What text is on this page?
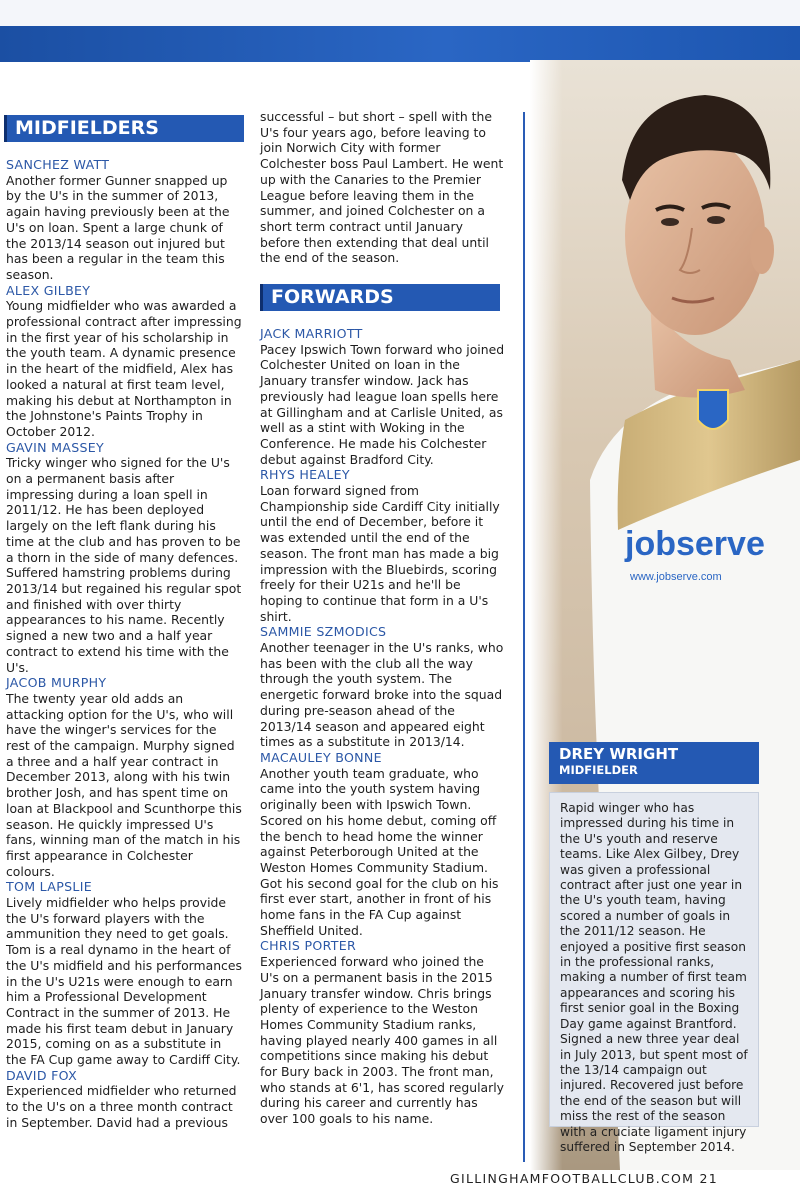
MIDFIELDERS

SANCHEZ WATT

Another former Gunner snapped up by the U's in the summer of 2013, again having previously been at the U's on loan. Spent a large chunk of the 2013/14 season out injured but has been a regular in the team this season.

ALEX GILBEY

Young midfielder who was awarded a professional contract after impressing in the first year of his scholarship in the youth team. A dynamic presence in the heart of the midfield, Alex has looked a natural at first team level, making his debut at Northampton in the Johnstone's Paints Trophy in October 2012.

GAVIN MASSEY

Tricky winger who signed for the U's on a permanent basis after impressing during a loan spell in 2011/12. He has been deployed largely on the left flank during his time at the club and has proven to be a thorn in the side of many defences. Suffered hamstring problems during 2013/14 but regained his regular spot and finished with over thirty appearances to his name. Recently signed a new two and a half year contract to extend his time with the U's.

JACOB MURPHY

The twenty year old adds an attacking option for the U's, who will have the winger's services for the rest of the campaign. Murphy signed a three and a half year contract in December 2013, along with his twin brother Josh, and has spent time on loan at Blackpool and Scunthorpe this season. He quickly impressed U's fans, winning man of the match in his first appearance in Colchester colours.

TOM LAPSLIE

Lively midfielder who helps provide the U's forward players with the ammunition they need to get goals. Tom is a real dynamo in the heart of the U's midfield and his performances in the U's U21s were enough to earn him a Professional Development Contract in the summer of 2013. He made his first team debut in January 2015, coming on as a substitute in the FA Cup game away to Cardiff City.

DAVID FOX

Experienced midfielder who returned to the U's on a three month contract in September. David had a previous

successful – but short – spell with the U's four years ago, before leaving to join Norwich City with former Colchester boss Paul Lambert. He went up with the Canaries to the Premier League before leaving them in the summer, and joined Colchester on a short term contract until January before then extending that deal until the end of the season.

FORWARDS

JACK MARRIOTT

Pacey Ipswich Town forward who joined Colchester United on loan in the January transfer window. Jack has previously had league loan spells here at Gillingham and at Carlisle United, as well as a stint with Woking in the Conference. He made his Colchester debut against Bradford City.

RHYS HEALEY

Loan forward signed from Championship side Cardiff City initially until the end of December, before it was extended until the end of the season. The front man has made a big impression with the Bluebirds, scoring freely for their U21s and he'll be hoping to continue that form in a U's shirt.

SAMMIE SZMODICS

Another teenager in the U's ranks, who has been with the club all the way through the youth system. The energetic forward broke into the squad during pre-season ahead of the 2013/14 season and appeared eight times as a substitute in 2013/14.

MACAULEY BONNE

Another youth team graduate, who came into the youth system having originally been with Ipswich Town. Scored on his home debut, coming off the bench to head home the winner against Peterborough United at the Weston Homes Community Stadium. Got his second goal for the club on his first ever start, another in front of his home fans in the FA Cup against Sheffield United.

CHRIS PORTER

Experienced forward who joined the U's on a permanent basis in the 2015 January transfer window. Chris brings plenty of experience to the Weston Homes Community Stadium ranks, having played nearly 400 games in all competitions since making his debut for Bury back in 2003. The front man, who stands at 6'1, has scored regularly during his career and currently has over 100 goals to his name.

DREY WRIGHT
MIDFIELDER
Rapid winger who has impressed during his time in the U's youth and reserve teams. Like Alex Gilbey, Drey was given a professional contract after just one year in the U's youth team, having scored a number of goals in the 2011/12 season. He enjoyed a positive first season in the professional ranks, making a number of first team appearances and scoring his first senior goal in the Boxing Day game against Brantford. Signed a new three year deal in July 2013, but spent most of the 13/14 campaign out injured. Recovered just before the end of the season but will miss the rest of the season with a cruciate ligament injury suffered in September 2014.
GILLINGHAMFOOTBALLCLUB.COM 21
